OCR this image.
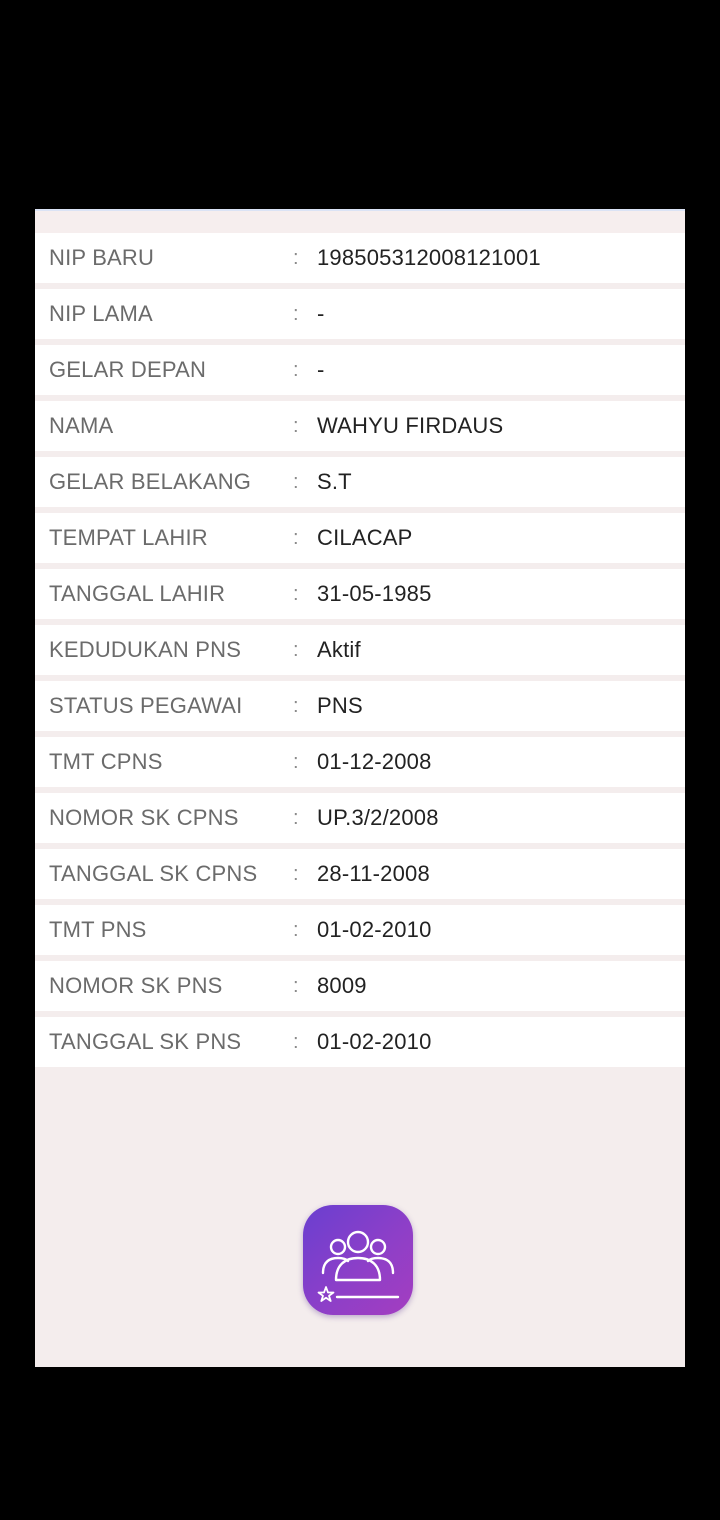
NIP BARU	: 198505312008121001
NIP LAMA	: -
GELAR DEPAN	: -
NAMA	: WAHYU FIRDAUS
GELAR BELAKANG	: S.T
TEMPAT LAHIR	: CILACAP
TANGGAL LAHIR	: 31-05-1985
KEDUDUKAN PNS	: Aktif
STATUS PEGAWAI	: PNS
TMT CPNS	: 01-12-2008
NOMOR SK CPNS	: UP.3/2/2008
TANGGAL SK CPNS	: 28-11-2008
TMT PNS	: 01-02-2010
NOMOR SK PNS	: 8009
TANGGAL SK PNS	: 01-02-2010
